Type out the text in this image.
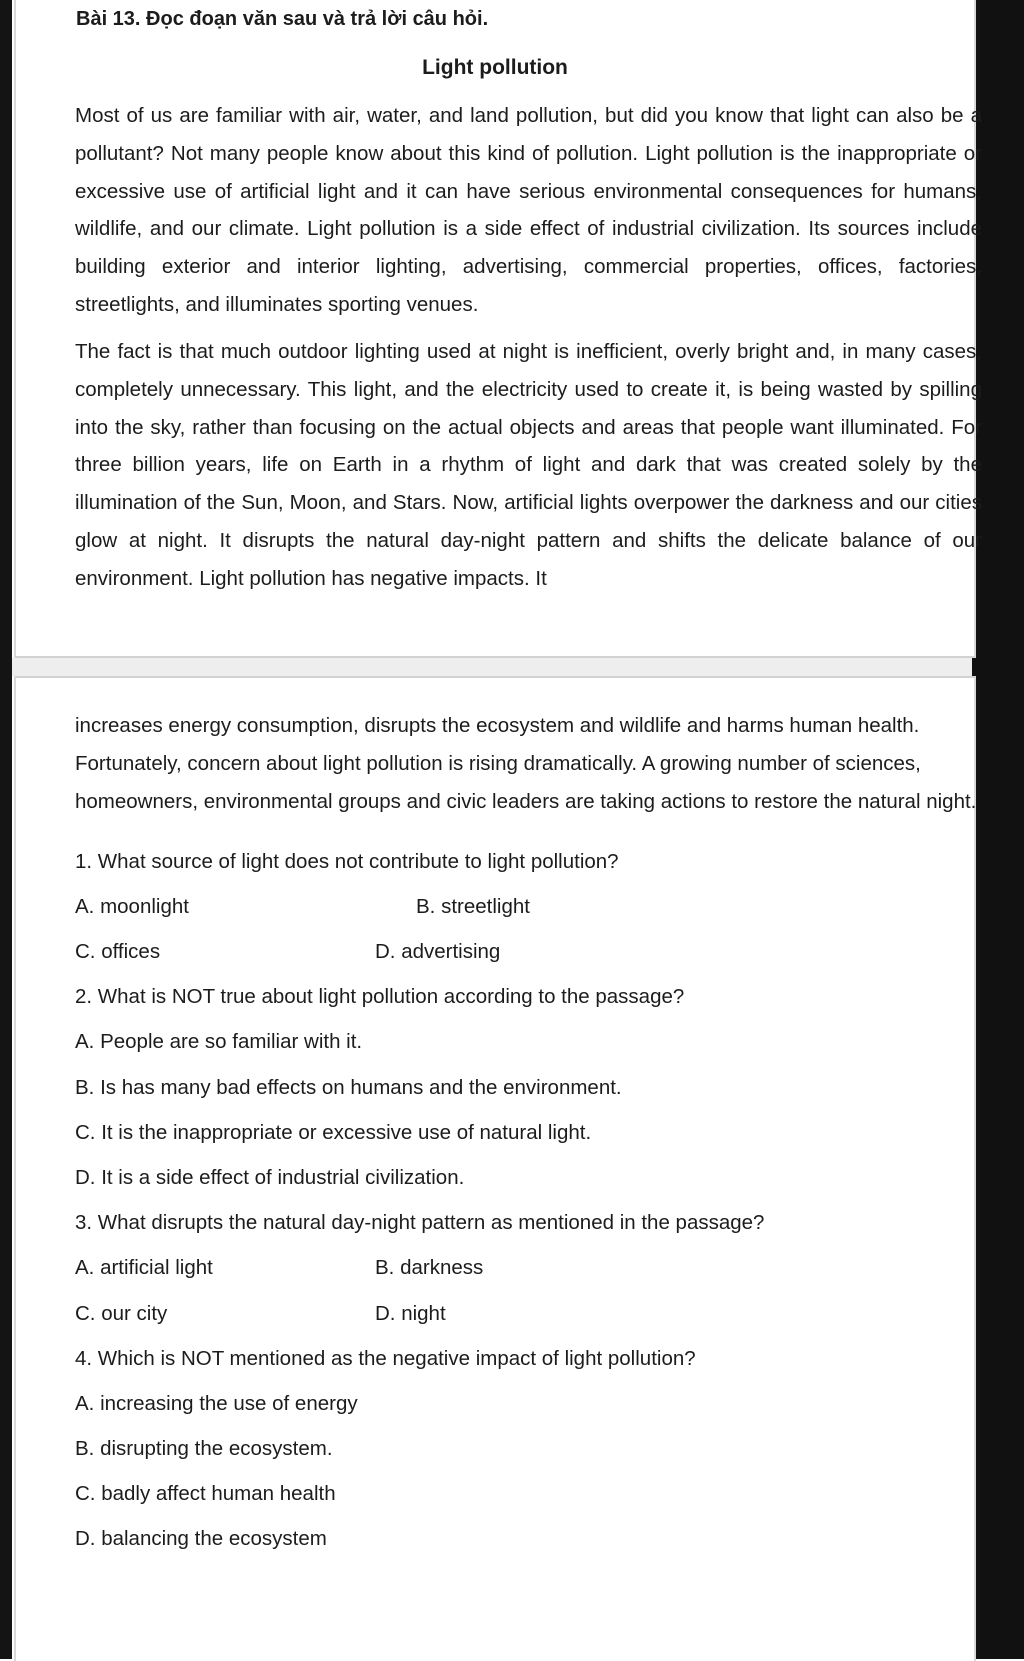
Bài 13. Đọc đoạn văn sau và trả lời câu hỏi.
Light pollution

Most of us are familiar with air, water, and land pollution, but did you know that light can also be a pollutant? Not many people know about this kind of pollution. Light pollution is the inappropriate or excessive use of artificial light and it can have serious environmental consequences for humans, wildlife, and our climate. Light pollution is a side effect of industrial civilization. Its sources include building exterior and interior lighting, advertising, commercial properties, offices, factories, streetlights, and illuminates sporting venues.

The fact is that much outdoor lighting used at night is inefficient, overly bright and, in many cases, completely unnecessary. This light, and the electricity used to create it, is being wasted by spilling into the sky, rather than focusing on the actual objects and areas that people want illuminated. For three billion years, life on Earth in a rhythm of light and dark that was created solely by the illumination of the Sun, Moon, and Stars. Now, artificial lights overpower the darkness and our cities glow at night. It disrupts the natural day-night pattern and shifts the delicate balance of our environment. Light pollution has negative impacts. It

increases energy consumption, disrupts the ecosystem and wildlife and harms human health. Fortunately, concern about light pollution is rising dramatically. A growing number of sciences, homeowners, environmental groups and civic leaders are taking actions to restore the natural night.

1. What source of light does not contribute to light pollution?
A. moonlight	B. streetlight
C. offices	D. advertising
2. What is NOT true about light pollution according to the passage?
A. People are so familiar with it.
B. Is has many bad effects on humans and the environment.
C. It is the inappropriate or excessive use of natural light.
D. It is a side effect of industrial civilization.
3. What disrupts the natural day-night pattern as mentioned in the passage?
A. artificial light	B. darkness
C. our city	D. night
4. Which is NOT mentioned as the negative impact of light pollution?
A. increasing the use of energy
B. disrupting the ecosystem.
C. badly affect human health
D. balancing the ecosystem
